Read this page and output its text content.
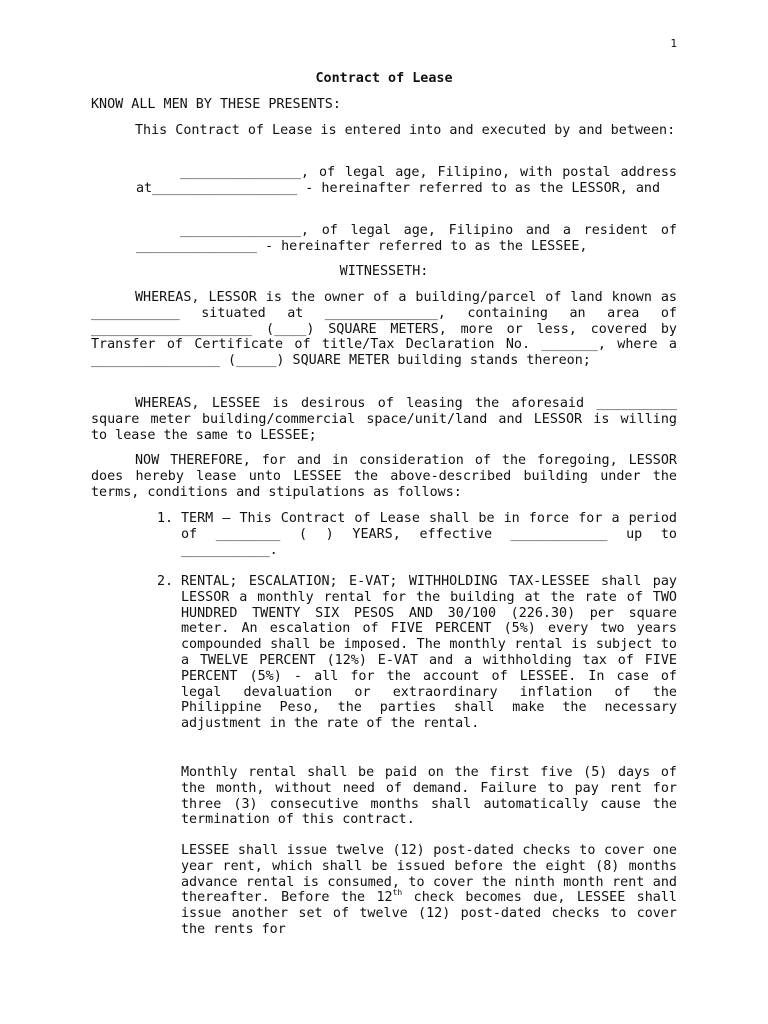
1
Contract of Lease
KNOW ALL MEN BY THESE PRESENTS:
This Contract of Lease is entered into and executed by and between:
_______________, of legal age, Filipino, with postal address at__________________ - hereinafter referred to as the LESSOR, and
_______________, of legal age, Filipino and a resident of _______________ - hereinafter referred to as the LESSEE,
WITNESSETH:
WHEREAS, LESSOR is the owner of a building/parcel of land known as ___________ situated at ______________, containing an area of ____________________ (____) SQUARE METERS, more or less, covered by Transfer of Certificate of title/Tax Declaration No. _______, where a ________________ (_____) SQUARE METER building stands thereon;
WHEREAS, LESSEE is desirous of leasing the aforesaid __________ square meter building/commercial space/unit/land and LESSOR is willing to lease the same to LESSEE;
NOW THEREFORE, for and in consideration of the foregoing, LESSOR does hereby lease unto LESSEE the above-described building under the terms, conditions and stipulations as follows:
1. TERM – This Contract of Lease shall be in force for a period of ________ ( ) YEARS, effective ____________ up to ___________.
2. RENTAL; ESCALATION; E-VAT; WITHHOLDING TAX-LESSEE shall pay LESSOR a monthly rental for the building at the rate of TWO HUNDRED TWENTY SIX PESOS AND 30/100 (226.30) per square meter. An escalation of FIVE PERCENT (5%) every two years compounded shall be imposed. The monthly rental is subject to a TWELVE PERCENT (12%) E-VAT and a withholding tax of FIVE PERCENT (5%) - all for the account of LESSEE. In case of legal devaluation or extraordinary inflation of the Philippine Peso, the parties shall make the necessary adjustment in the rate of the rental.
Monthly rental shall be paid on the first five (5) days of the month, without need of demand. Failure to pay rent for three (3) consecutive months shall automatically cause the termination of this contract.
LESSEE shall issue twelve (12) post-dated checks to cover one year rent, which shall be issued before the eight (8) months advance rental is consumed, to cover the ninth month rent and thereafter. Before the 12th check becomes due, LESSEE shall issue another set of twelve (12) post-dated checks to cover the rents for
